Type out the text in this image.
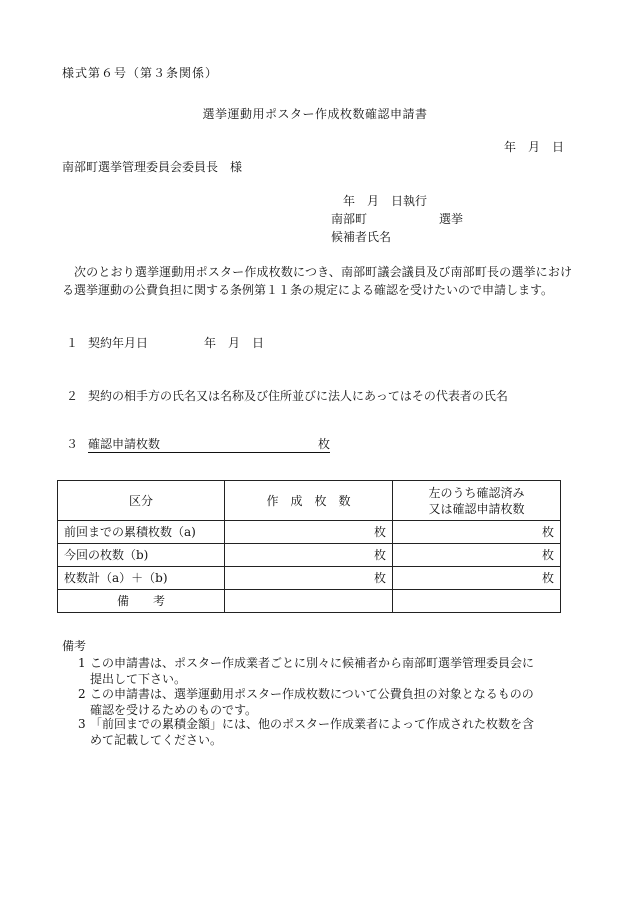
様式第６号（第３条関係）
選挙運動用ポスター作成枚数確認申請書
年　月　日
南部町選挙管理委員会委員長　様
年　月　日執行
南部町	選挙
候補者氏名
次のとおり選挙運動用ポスター作成枚数につき、南部町議会議員及び南部町長の選挙における選挙運動の公費負担に関する条例第１１条の規定による確認を受けたいので申請します。
１ 契約年月日	年　月　日
２ 契約の相手方の氏名又は名称及び住所並びに法人にあってはその代表者の氏名
３ 確認申請枚数	枚
区分	作　成　枚　数	左のうち確認済み
又は確認申請枚数

前回までの累積枚数（a)	枚	枚
今回の枚数（b)	枚	枚
枚数計（a）＋（b)	枚	枚
備　　考		
備考
1 この申請書は、ポスター作成業者ごとに別々に候補者から南部町選挙管理委員会に
提出して下さい。
2 この申請書は、選挙運動用ポスター作成枚数について公費負担の対象となるものの
確認を受けるためのものです。
3 「前回までの累積金額」には、他のポスター作成業者によって作成された枚数を含
めて記載してください。
